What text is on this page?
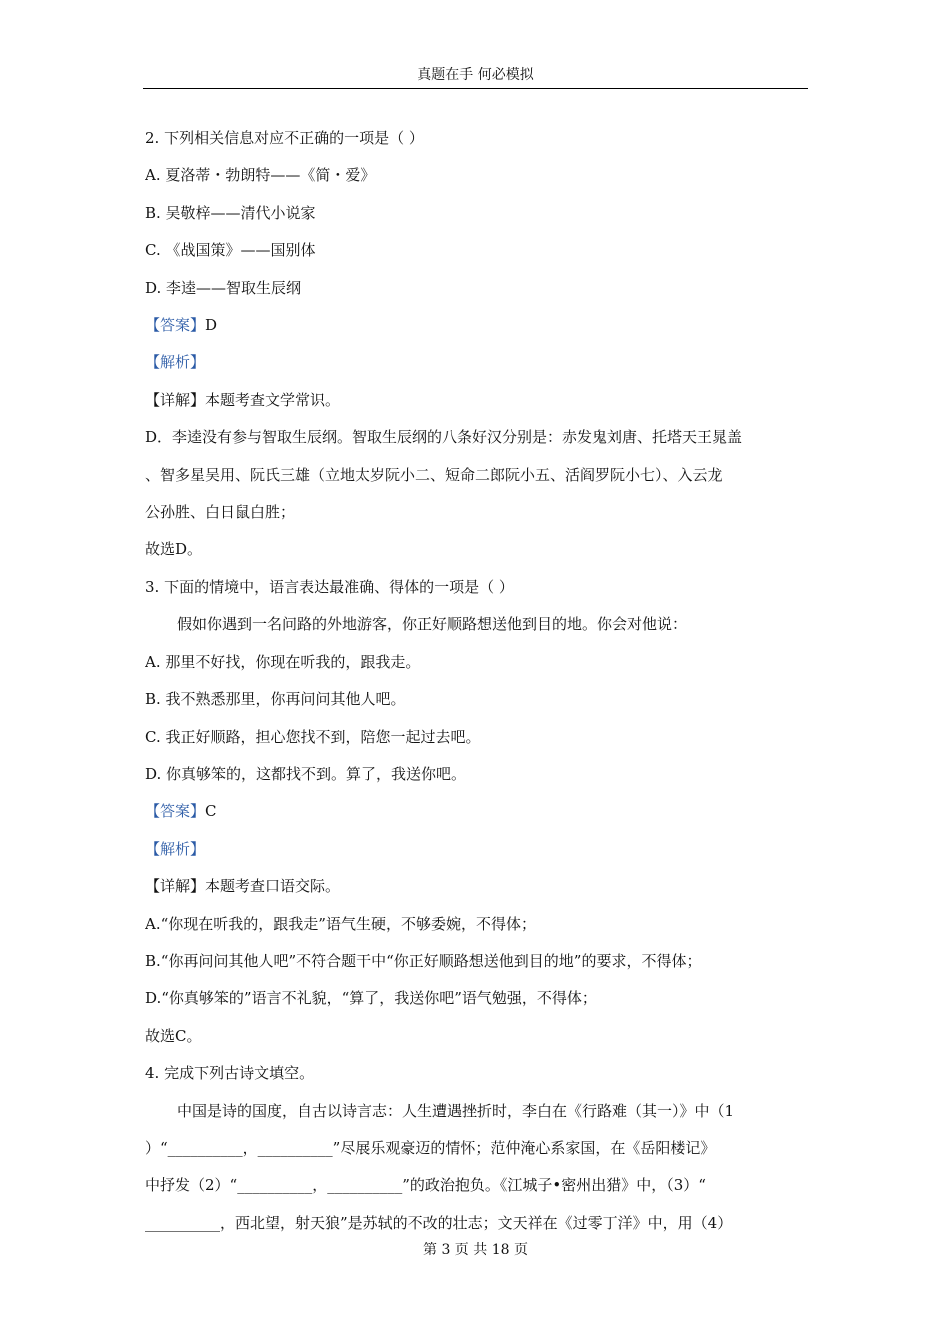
真题在手 何必模拟
2. 下列相关信息对应不正确的一项是（ ）
A. 夏洛蒂・勃朗特——《简・爱》
B. 吴敬梓——清代小说家
C. 《战国策》——国别体
D. 李逵——智取生辰纲
【答案】D
【解析】
【详解】本题考查文学常识。
D．李逵没有参与智取生辰纲。智取生辰纲的八条好汉分别是：赤发鬼刘唐、托塔天王晁盖
、智多星吴用、阮氏三雄（立地太岁阮小二、短命二郎阮小五、活阎罗阮小七）、入云龙
公孙胜、白日鼠白胜；
故选D。
3. 下面的情境中，语言表达最准确、得体的一项是（ ）
假如你遇到一名问路的外地游客，你正好顺路想送他到目的地。你会对他说：
A. 那里不好找，你现在听我的，跟我走。
B. 我不熟悉那里，你再问问其他人吧。
C. 我正好顺路，担心您找不到，陪您一起过去吧。
D. 你真够笨的，这都找不到。算了，我送你吧。
【答案】C
【解析】
【详解】本题考查口语交际。
A.“你现在听我的，跟我走”语气生硬，不够委婉，不得体；
B.“你再问问其他人吧”不符合题干中“你正好顺路想送他到目的地”的要求，不得体；
D.“你真够笨的”语言不礼貌，“算了，我送你吧”语气勉强，不得体；
故选C。
4. 完成下列古诗文填空。
中国是诗的国度，自古以诗言志：人生遭遇挫折时，李白在《行路难（其一）》中（1
）“__________，__________”尽展乐观豪迈的情怀；范仲淹心系家国，在《岳阳楼记》
中抒发（2）“__________，__________”的政治抱负。《江城子•密州出猎》中，（3）“
__________，西北望，射天狼”是苏轼的不改的壮志；文天祥在《过零丁洋》中，用（4）
第 3 页 共 18 页
